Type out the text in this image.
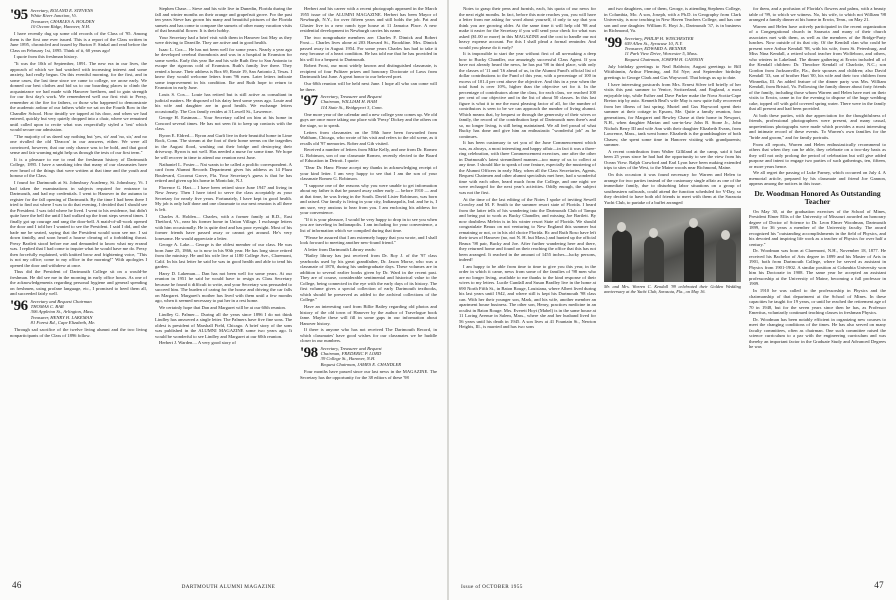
'95 Secretary, ROLAND E. STEVENS
White River Junction, Vt.
Treasurer, CHARLES A. HOLDEN
10 Occom Ridge, Hanover, N.H.

I have recently dug up some old records of the Class of '95. Among them is the first one ever issued. This is a report of the Class written in June 1895, chronicled and issued by Burton F. Sinkal and read before the Class on February 1st, 1895. Think of it, 60 years ago!

I quote from this freshman history.

"It was the 10th of September, 1891. The new era in our lives, the approach of which we had watched with increasing interest and some anxiety, had really begun. On this eventful morning, for the first, and in some cases, the last time since we came to college, we arose early. We donned our best clothes and bid us to our boarding places to climb the acquaintance we had made with Hanover brethren, and to gain strength for our first day's work. We remembered well our first visit to Prexy, remember at the fire for fathers, or those who happened to demonstrate the academic ardour of our fathers while we sat on the Fourth Row in the Chandler School. How timidly we tapped at his door, and when we had entered, quickly but very quietly dropped into a chair, where we remained until called upon to recite what was respectfully styled a 'test' which would secure our admission.

"The majority of us dared say nothing but 'yes, sir' and 'no, sir,' and no one rivalled the old 'Deacon' in our answers, either. We were all convinced, however, that our only chance was to be bold, and that good sense and fair warning might help us through the tests of our first term."

It is a pleasure to me to read the freshman history of Dartmouth College, 1895. I have a sneaking idea that many of our classmates have ever heard of the things that were written at that time and the youth and honour of the Class.

I found for Dartmouth at St. Johnsbury Academy, St. Johnsbury, Vt. I had taken the examinations in subjects required for entrance to Dartmouth, and had my credentials. I went to Hanover in the autumn to register for the fall opening of Dartmouth. By the time I had been there I tried to find out where I was to do that evening. I decided that I should see the President. I was told where he lived. I went to his residence, but didn't quite have the bell the until I had walked up the front steps several times. I finally got up courage and rang the door-bell. A maid-of-all-work opened the door and I told her I wanted to see the President. I said I did, and she bade me be seated, saying that the President would soon see me. I sat down timidly, and soon heard a hoarse clearing of a forbidding throat. Prexy Bartlett stood before me and demanded to know what my errand was. I replied that I had come to inquire what he would have me do. Prexy then forcefully explained, with knitted brow and frightening voice, "This is not my office; come to my office in the morning!" With apologies I opened the door and withdrew at once.

Thus did the President of Dartmouth College sit on a would-be freshman. He did see me in the morning in early office hours. As one of the acknowledgements regarding personal hygiene and general spending on freshmen, using profane language, etc., I promised to heed them all, and succeeded fairly well.

'96 Secretary and Bequest Chairman
THOMAS C. BAR
306 Appleton St., Arlington, Mass.
Treasurer, HENRY H. LAKEMAN
81 Forest Rd., Cape Elizabeth, Me.

Through sad sacrifice of the twelve living alumni and the two living nonparticipants of the Class of 1896 follow.

Stephen Chase.... Steve and his wife live in Dunedin, Florida during the fall and winter months on their orange and grapefruit grove. For the past ten years Steve has grown his many and beautiful pictures of the Florida sunsets and has come to compare the sunsets of other many vacation visits of that beautiful flower. It is their hobby.

Your Secretary had a brief visit with them in Hanover last May as they were driving to Danville. They are active and in good health.

Isaac L. Cox.... He has not been well for some years. Nearly a year ago he developed cerebral thrombosis and was in a hospital in Evanston for some weeks. Early this year Ike and his wife Ruth flew to San Antonio to escape the rigorous cold of Evanston. Ruth's family live there. They rented a house. Their address is Box 69, Route 19, San Antonio 2, Texas. I knew they would welcome letters from '96 men. Later letters indicate some improvement in his condition. Ike and Ruth hope to return to Evanston in early June.

Louis S. Cox.... Louie has retired but is still active as consultant in judicial matters. He disposed of his dairy herd some years ago. Louie and his wife and daughter are in good health. We exchange letters occasionally. The Cox family resides at 3 Lowell St., Lawrence.

George H. Eastman.... Your Secretary called on him at his home in Concord several times. He has not seen fit to keep up contacts with the class.

Byron E. Eldred.... Byron and Gurli live in their beautiful home in Lime Rock, Conn. The stream at the foot of their home seems on the tragedies in the August flood, washing out their bridge and destroying their driveway. Byron is not well. Has needed a nurse for some time. We hope he will recover in time to attend our reunion next June.

Nathaniel L. Foster.... Nat wants to be called a prolific correspondent. A card from Alumni Records Department gives his address as 14 Plaza Boulevard, Coconut Grove, Fla. Your Secretary's guess is that he has retired and given up his home in Montclair, N.J.

Florence G. Hart.... I have been retired since June 1947 and living in New Jersey. Then I have tried to serve the class acceptably as your Secretary for nearly five years. Fortunately, I have kept in good health. My job is only half done and one classmate to our next reunion is all there is left.

Charles A. Holden.... Charles, with a former family at R.D., East Thetford, Vt., near his former home in Union Village. I exchange letters with him occasionally. He is quite deaf and has poor eyesight. Most of his former friends have passed away or cannot get around. He's very lonesome. He would appreciate a letter.

George A. Lake.... George is the oldest member of our class. He was born June 25, 1866, so is now in his 90th year. He has long since retired from the ministry. He and his wife live at 1180 College Ave., Claremont, Calif. In his last letter he said he was in good health and able to tend his garden.

Harry D. Lakeman.... Dan has not been well for some years. At our reunion in 1951 he said he would have to resign as Class Secretary because he found it difficult to write, and your Secretary was persuaded to succeed him. The burden of caring for the house and driving the car falls on Margaret. Margaret's mother has lived with them until a few months ago, when it seemed necessary to put her in a rest home.

We certainly hope that Dan and Margaret will be at our 60th reunion.

Lindley G. Palmer.... During all the years since 1896 I do not think Lindley has answered a single letter. The Palmers have five fine sons. The oldest is president of Marshall Field, Chicago. A brief story of the sons was published in the ALUMNI MAGAZINE some two years ago. It would be wonderful to see Lindley and Margaret at our 60th reunion.

Herbert J. Warden.... A very good story of

Herbert and his career with a recent photograph appeared in the March 1955 issue of the ALUMNI MAGAZINE. Herbert has been Mayor of Newburgh, N.Y., for over fifteen years and still holds the job. Pat and Gluster live in a new ranch type house at 11 Jamaica Place. A new residential development in Newburgh carries his name.

The two nongraduate members are: Charles F. Dimick and Robert Frost.... Charles lives alone at 203 Harvard St., Brookline. Mrs. Dimick passed away in August 1954. For some years Charles has had to take it easy because of a heart condition. He has told me that he has provided in his will for a bequest to Dartmouth.

Robert Frost, our most widely known and distinguished classmate, is recipient of four Pulitzer prizes and honorary Doctorate of Laws from Dartmouth last June. A great honor to our beloved poet.

Our 60th reunion will be held next June. I hope all who can come will be there.

'97 Secretary, Treasurer and Bequest
Chairman, WILLIAM H. HAM
114 State St., Bridgeport 3, Conn.

One more year of the calendar and a new college year comes up. We old guys are once more taking our place with 'Prexy' Dickey and the others on the stage, so to speak.

Letters from classmates on the 58th have been forwarded from Waltham, Chicago, who wrote of his visit and refers to the old scene, as it recalls old '97 memories. Rober and Gib visited.

Received a number of letters from Mike Kelly, and one from Dr. Romeo G. Robinson, son of our classmate Romeo, recently elected to the Board of Education in Detroit. I quote:

"Dear Dr. Ham: Please accept my thanks in acknowledging receipt of your kind letter. I am very happy to see that I am the son of your classmate Romeo G. Robinson.

"I suppose one of the reasons why you were unable to get information about my father is that he passed away rather early — before 1910 — and at that time, he was living in the South. David Lister Robinson, was born and raised. Our family is living in your city, Indianapolis, Ind. and he is, I am sure, very anxious to hear from you. I am enclosing his address for your convenience.

"If it is your pleasure, I would be very happy to drop in to see you when you are traveling in Indianapolis. I am including for your convenience, a list of information which we compiled during that time.

"Please be assured that I am extremely happy that you wrote, and I shall look forward to meeting another new-found friend."

A letter from Dartmouth Library reads:

"Bailey library has just received from Dr. Roy J. of the '97 class yearbooks used by his great grandfather, Dr. Jason Morse, who was a classmate of 1870, during his undergraduate days. These volumes are in addition to several earlier books given by Dr. Ward in the recent past. They are of course, considerable sentimental and historical value to the College, being connected in the eye with the early days of its history. The first volume gives a special collection of early Dartmouth textbooks, which should be preserved as added to the archival collections of the College."

Have an interesting card from Billie Bailey regarding old photos and history of the old town of Hanover by the author of Travelogue book fame. Maybe these will fill in some gaps in our information about Hanover history.

If there is anyone who has not received The Dartmouth Record, in which classmates' have good wishes for our classmates we be huddle closer in our numbers.

'98 Secretary, Treasurer and Bequest
Chairman, FREDERIC P. LORD
39 College St., Hanover, N.H.
Bequest Chairman, JAMES E. CHANDLER

Four months have passed since our last news in the MAGAZINE. The Secretary has the opportunity for the 38 editors of these '98

46	DARTMOUTH ALUMNI MAGAZINE

Notes to grasp their pens and furnish, each, his quota of our news for the next eight months. In fact, before this note reaches you, you will have a letter from me asking for word about yourself, if only to say that you think you are growing older. At the same time it will help old '98 and make it easier for the Secretary if you will send your check for what was asked ($1.00 or more) in this MAGAZINE and the cost to handle our not heavy expense account. For this I shall plead a formal reminder. And would you please do it early?

It is impossible to start the year without first of all un-making a deep bow to Bucky Chandler, our amazingly successful Class Agent. If you have not already heard the news, he has put '98 in third place, with only the classes of '11 and '16 ahead of us, in the Alumni Fund's official list of dollar contributions to the Fund of this year, with a percentage of 100 in excess of 101.4 per cent above the objective. And this in a year when the total fund is over 10%, higher than the objective set for it. In the percentage of contributors alone the class, for each class, we reached 100 per cent of our objective and in the list of about 50 classes. In this last figure is what it to me the most pleasing factor of all, for the number of contributors is seen to be we can approach the number of living alumni. Which means that, by bequest or through the generosity of their wives or family, the record of the contribution kept of Dartmouth men there's and so, no longer living, is still being maintained. We all feel proud of what Bucky has done and give him an enthusiastic "wonderful job" as he continues.

It has been customary to set you of the June Commencement which was, as always, a most interesting and happy affair—in fact it was a three-ring celebration, with three Commencement exercises, one after the other in Dartmouth's latest streamlined manner—too many of us to collect at any time. I should like to speak of one feature, especially the mustering of the Alumni Officers in early May, when all the Class Secretaries, Agents, Bequest Chairmen and other alumni specialists met here, had a wonderful time with each other, heard much from the College, and one night we were recharged for the next year's activities. Oddly enough, the subject was not the first.

At the time of the last editing of the Notes I spoke of inviting Sewell Crowley and M. F. Smith to the summer resort state of Florida. I heard from the latter tells of his wandering into the Dartmouth Club of Tampa and being put to work as Bucky Chandler, and missing Joe Bartlett. By now doubtless Melvin is in his winter resort State of Florida. We should congratulate Beaux on not venturing to New England this summer but remaining or not, or in his old choice Florida. Rc and Ruth Roso have left their town of Hanover (no, not N. H. but Mass.) and hunted up the official Beaux '98 pair, Bucky and Joe. After further wandering here and there, they returned home and found on their reaching the office that this has not been arranged. It reached in the amount of 1455 inches—lucky persons, indeed!

I am happy to be able from time to time to give you this year, in the order in which it came, news from some of the families of '98 men who are no longer living, available to me thanks to the kind response of their wives to my letters. Lucile Cundall and Susan Bradley live in the home at 690 North Fifth St., in Baton Rouge, Louisiana, where Albert lived during his last years until 1942, and where still is kept his Dartmouth '98 class can. With her their younger son, Mark, and his wife, another member an apartment house business. The other son, Henry, practices medicine in an oculist in Baton Rouge. Mrs. Everett Hoyt (Mabel) is in the same house at 11 Loring Avenue in Salem, Mass., where she and her husband lived for 56 years until his death in 1945. A son lives at 41 Fountain St., Newton Heights, Ill., is married and has two sons

and two daughters, one of them, George, is attending Stephens College, in Columbia, Mo. A son, Joseph, with a Ph.D. in Geography from Clark University, is now teaching in New Haven Teachers College, and has one son and one daughter. William E. Hoyt Jr., Dartmouth '37, is in business in Richmond, Va.

'99 Secretary, PHILIP H. WINCHESTER
659 Allen St., Syracuse 10, N.Y.
Treasurer, EDWARD A. BEXNER
11 Park View Drive, Worcester 5, Mass.
Bequest Chairman, JOSEPH H. GANNON

July birthday greetings to Neal Baldwin; August greetings to Bill Wittihinnin, Arthur Fleming, and Ed Nye; and September birthday greetings to George Clark and Gus Waywood. That brings us up to date.

I have interesting postcards from Mrs. Ernest Silver tell briefly of her visits this past summer to Venice, Switzerland, and England, a most enjoyable trip, while Esther and Dave Parker make the Nova Scotia-Cape Breton trip by auto. Kenneth Beal's wife May is now quite fully recovered from her illness of last spring. Muriel and Gus Haywood spent their summer at their cottage in Epsom, Me. Quite a family reunion, four generations, for Margaret and Bewley Chase at their home in Newport, N.H., when daughter Marian and son-in-law John B. Stone Jr., John Nichols Berry III and wife Ann with their daughter Elizabeth Evans, from Lawrence, Mass., tank went home. Elizabeth is the granddaughter of both Chases; she spent some time in Hanover visiting with grandparents; summer.

A recent contribution from Walter Gilliland at the camp, said it had been 25 years since he had had the opportunity to see the view from his Ocean View. Ralph Crawford and Earl Lyon have been making extended trips to sites of the West, to the Maine woods near Richmond, Maine.

On this occasion it was found necessary for Warren and Helen to arrange for two parties instead of the customary single affair as one of the immediate family, due to disturbing labor situations on a group of southeastern railroads, could attend the function scheduled for V-Day, so they decided to have both old friends to meet with them at the Sarasota Yacht Club, to partake of a buffet arranged

Mr. and Mrs. Warren C. Kendall '99 celebrated their Golden Wedding anniversary at the Yacht Club, Sarasota, Fla., on May 16.

for them, and a profusion of Florida's flowers and palms, with a beauty table of '99, to which we witness. No, his wife, to which not William '98 arranged a family dinner at his home in Erwin, Tenn., on May 21.

Warren and Helen have actively participated in the recent organization of a Congregational church in Sarasota and many of their church associates met with them, as well as the members of the Bridge-Party lunches. Now outside of its that city. Of the Kendall clan who could be present were Arthur Kendall '98, with his wife, from St. Petersburg, and Miss Nina Kendall, a retired school teacher from Wolfeboro, and others, who winters in Lakeland. The dinner gathering at Erwin included all of the Kendall children: Dr. Theodore Kendall of Charlotte, N.C.; son Gordon from Jacksonville, Fla., their spouses and children; also David Kendall '33, son of brother Hart '00, his wife and their two children from Winnetka, Ill. An added feature of the dinner party was Mrs. William Kendall, from Bristol, Va. Following the family dinner about forty friends of the family, including those whom Warren and Helen have met on their visits to Erwin, came in for the evening to dispose of the huge wedding cake, topped off with gold covered spring water. There were in the family that all present and had been provided.

At both these parties, with due appreciation for the thoughtfulness of friends, professional photographers were present, and many casual, unpretentious photographs were made which provides a most interesting and intimate record of these events. To Warren's own families for the "bride and groom," and for family portraits.

From all reports, Warren and Helen enthusiastically recommend to others that when they can be able, they celebrate on a two-day basis as they will not only prolong the period of celebration but will give added purpose and intent to engage two parties of such gatherings, ten, fifteen, or more years hence.

We all regret the passing of Luke Farney, which occurred on July 4. A memorial article, prepared by his classmate and friend Joe Gannon, appears among the notices in this issue.

Dr. Woodman Honored As Outstanding Teacher

On May 30, at the graduation exercises of the School of Mines, President Elmer Ellis of the University of Missouri awarded an honorary degree of Doctor of Science to Dr. Leon Elmer Woodman, Dartmouth 1899, for 36 years a member of the University faculty. The award recognized his "outstanding accomplishments in the field of Physics, and his devoted and inspiring life work as a teacher of Physics for over half a century."

Dr. Woodman was born at Claremont, N.H., November 18, 1877. He received his Bachelor of Arts degree in 1899 and his Master of Arts in 1901, both from Dartmouth College, where he served as assistant in Physics from 1901-1902. A similar position at Columbia University won him his Doctorate in 1908. The same year he accepted an assistant professorship at the University of Maine, becoming a full professor in 1909.

In 1910 he was called to the professorship in Physics and the chairmanship of that department at the School of Mines. In these capacities he taught for 19 years, or until he reached the retirement age of 70 in 1948, but for the seven years since then he has, as Professor Emeritus, voluntarily continued teaching classes in freshman Physics.

Dr. Woodman has been notably efficient in organizing new courses to meet the changing conditions of the times. He has also served on many faculty committees, often as chairman. One such committee raised the science curriculum to a par with the engineering curriculum and was thereby an important factor in the Graduate Study and Advanced Degrees he was

Issue of OCTOBER 1955	47
